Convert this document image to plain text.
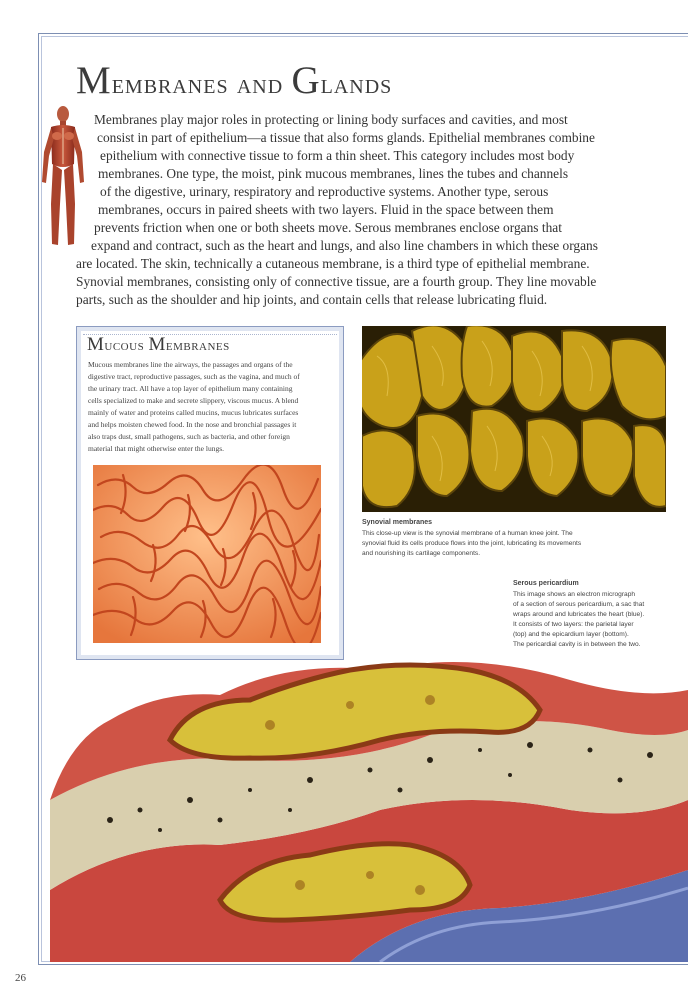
Membranes and Glands
Membranes play major roles in protecting or lining body surfaces and cavities, and most
consist in part of epithelium—a tissue that also forms glands. Epithelial membranes combine
epithelium with connective tissue to form a thin sheet. This category includes most body
membranes. One type, the moist, pink mucous membranes, lines the tubes and channels
of the digestive, urinary, respiratory and reproductive systems. Another type, serous
membranes, occurs in paired sheets with two layers. Fluid in the space between them
prevents friction when one or both sheets move. Serous membranes enclose organs that
expand and contract, such as the heart and lungs, and also line chambers in which these organs
are located. The skin, technically a cutaneous membrane, is a third type of epithelial membrane.
Synovial membranes, consisting only of connective tissue, are a fourth group. They line movable
parts, such as the shoulder and hip joints, and contain cells that release lubricating fluid.
Mucous Membranes
Mucous membranes line the airways, the passages and organs of the
digestive tract, reproductive passages, such as the vagina, and much of
the urinary tract. All have a top layer of epithelium many containing
cells specialized to make and secrete slippery, viscous mucus. A blend
mainly of water and proteins called mucins, mucus lubricates surfaces
and helps moisten chewed food. In the nose and bronchial passages it
also traps dust, small pathogens, such as bacteria, and other foreign
material that might otherwise enter the lungs.
Synovial membranes
This close-up view is the synovial membrane of a human knee joint. The
synovial fluid its cells produce flows into the joint, lubricating its movements
and nourishing its cartilage components.
Serous pericardium
This image shows an electron micrograph
of a section of serous pericardium, a sac that
wraps around and lubricates the heart (blue).
It consists of two layers: the parietal layer
(top) and the epicardium layer (bottom).
The pericardial cavity is in between the two.
26
